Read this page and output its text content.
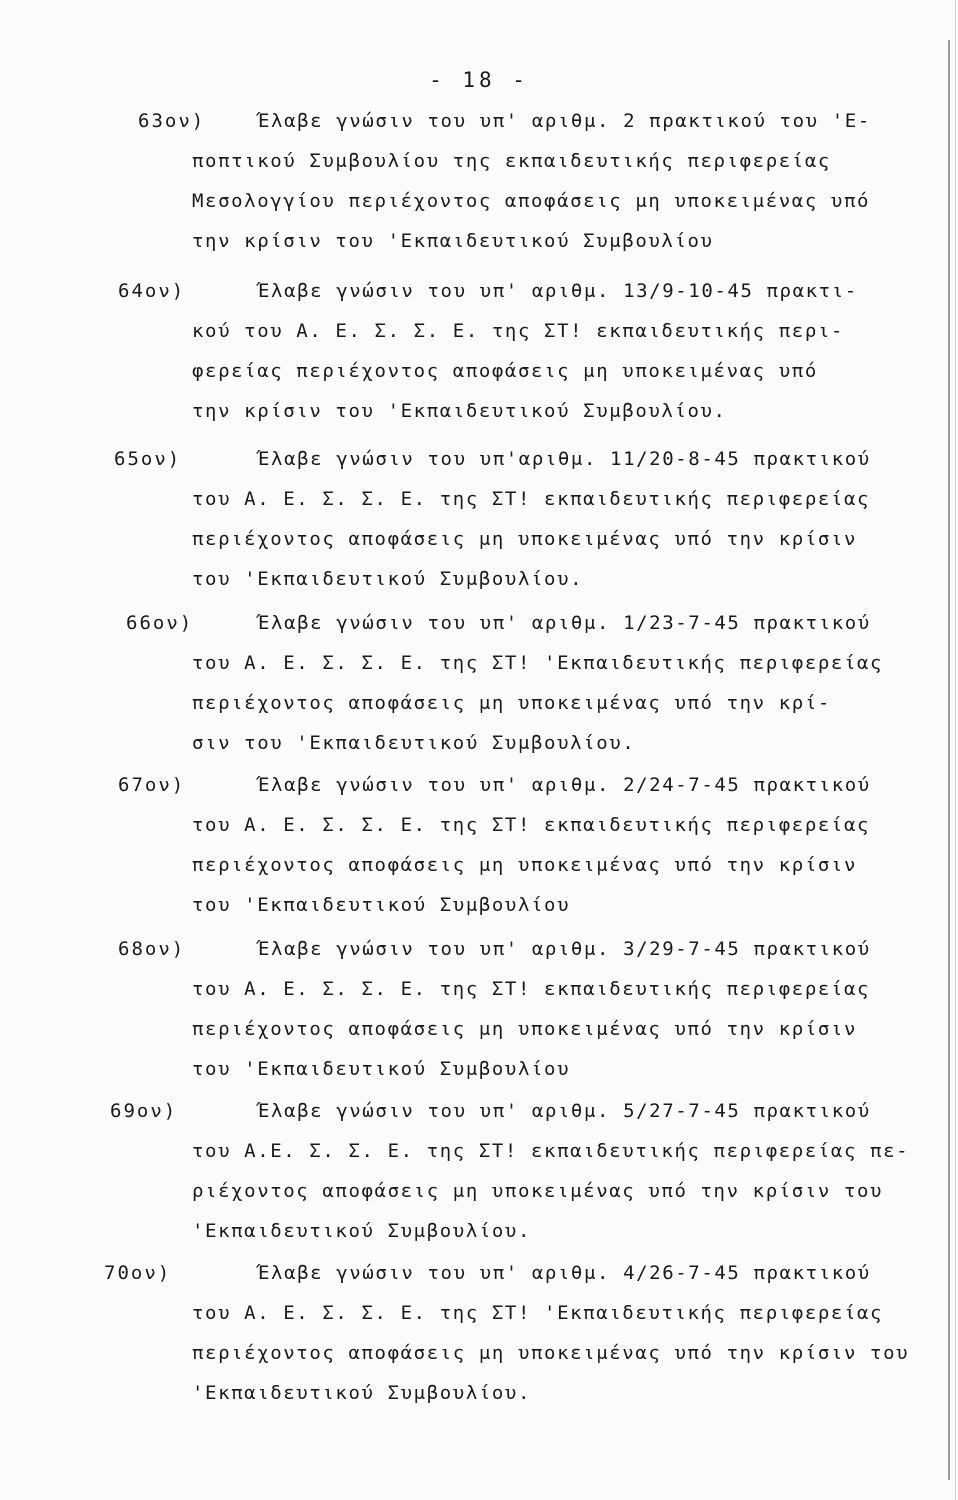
- 18 -
63ον)	Έλαβε γνώσιν του υπ' αριθμ. 2 πρακτικού του 'Ε-
ποπτικού Συμβουλίου της εκπαιδευτικής περιφερείας
Μεσολογγίου περιέχοντος αποφάσεις μη υποκειμένας υπό
την κρίσιν του 'Εκπαιδευτικού Συμβουλίου
64ον)	Έλαβε γνώσιν του υπ' αριθμ. 13/9-10-45 πρακτι-
κού του Α. Ε. Σ. Σ. Ε. της ΣΤ! εκπαιδευτικής περι-
φερείας περιέχοντος αποφάσεις μη υποκειμένας υπό
την κρίσιν του 'Εκπαιδευτικού Συμβουλίου.
65ον)	Έλαβε γνώσιν του υπ'αριθμ. 11/20-8-45 πρακτικού
του Α. Ε. Σ. Σ. Ε. της ΣΤ! εκπαιδευτικής περιφερείας
περιέχοντος αποφάσεις μη υποκειμένας υπό την κρίσιν
του 'Εκπαιδευτικού Συμβουλίου.
66ον)	Έλαβε γνώσιν του υπ' αριθμ. 1/23-7-45 πρακτικού
του Α. Ε. Σ. Σ. Ε. της ΣΤ! 'Εκπαιδευτικής περιφερείας
περιέχοντος αποφάσεις μη υποκειμένας υπό την κρί-
σιν του 'Εκπαιδευτικού Συμβουλίου.
67ον)	Έλαβε γνώσιν του υπ' αριθμ. 2/24-7-45 πρακτικού
του Α. Ε. Σ. Σ. Ε. της ΣΤ! εκπαιδευτικής περιφερείας
περιέχοντος αποφάσεις μη υποκειμένας υπό την κρίσιν
του 'Εκπαιδευτικού Συμβουλίου
68ον)	Έλαβε γνώσιν του υπ' αριθμ. 3/29-7-45 πρακτικού
του Α. Ε. Σ. Σ. Ε. της ΣΤ! εκπαιδευτικής περιφερείας
περιέχοντος αποφάσεις μη υποκειμένας υπό την κρίσιν
του 'Εκπαιδευτικού Συμβουλίου
69ον)	Έλαβε γνώσιν του υπ' αριθμ. 5/27-7-45 πρακτικού
του Α.Ε. Σ. Σ. Ε. της ΣΤ! εκπαιδευτικής περιφερείας πε-
ριέχοντος αποφάσεις μη υποκειμένας υπό την κρίσιν του
'Εκπαιδευτικού Συμβουλίου.
70ον)	Έλαβε γνώσιν του υπ' αριθμ. 4/26-7-45 πρακτικού
του Α. Ε. Σ. Σ. Ε. της ΣΤ! 'Εκπαιδευτικής περιφερείας
περιέχοντος αποφάσεις μη υποκειμένας υπό την κρίσιν του
'Εκπαιδευτικού Συμβουλίου.
